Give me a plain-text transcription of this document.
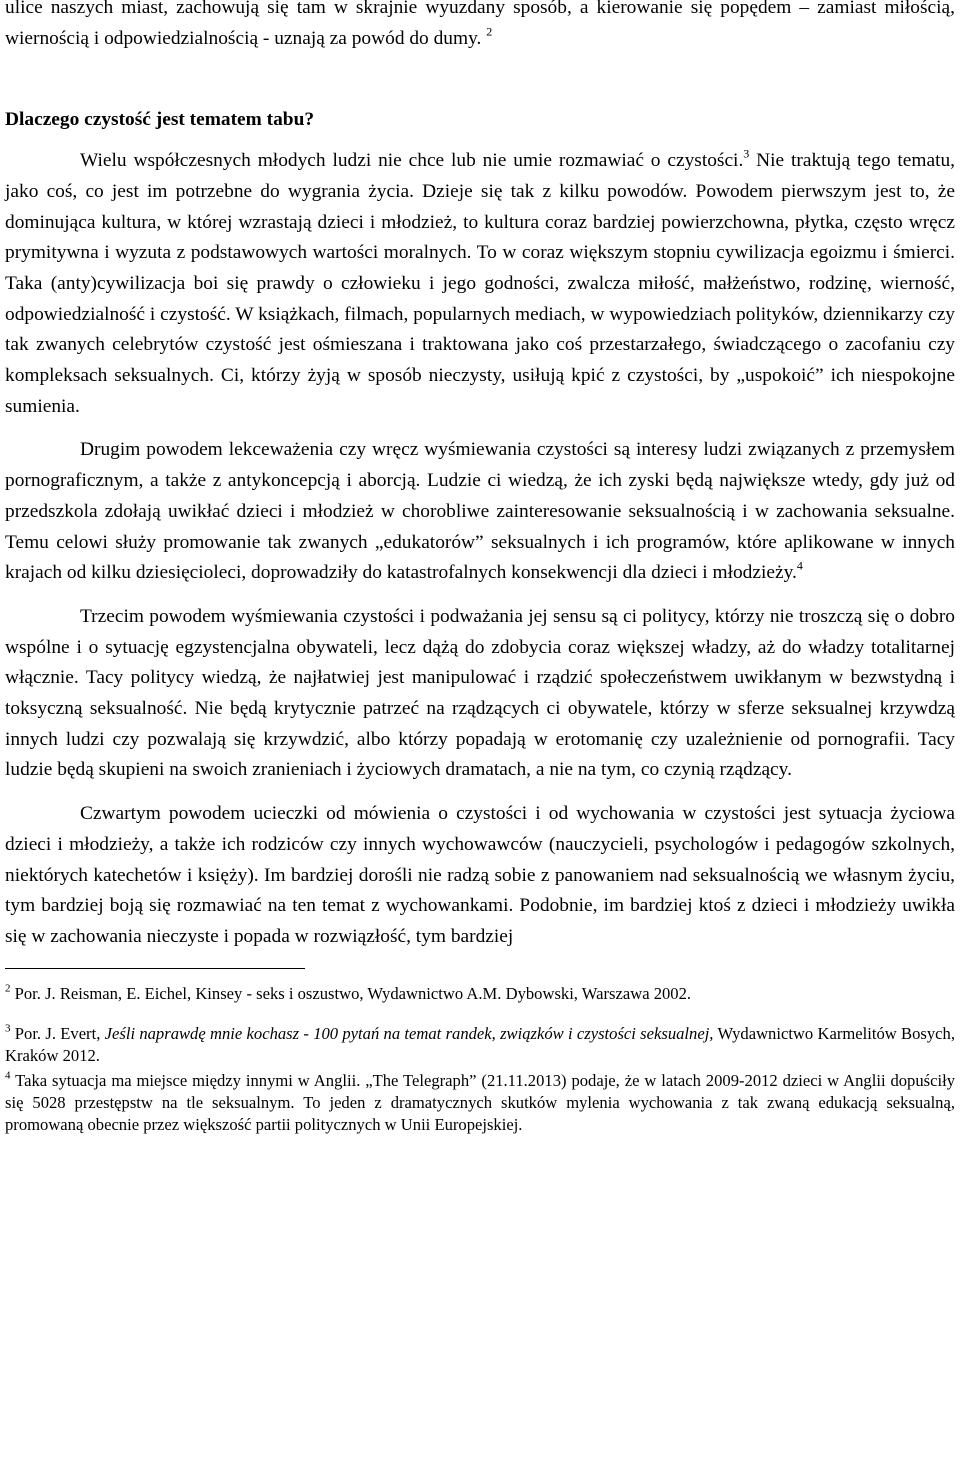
ulice naszych miast, zachowują się tam w skrajnie wyuzdany sposób, a kierowanie się popędem – zamiast miłością, wiernością i odpowiedzialnością - uznają za powód do dumy. $^2$

Dlaczego czystość jest tematem tabu?

Wielu współczesnych młodych ludzi nie chce lub nie umie rozmawiać o czystości.$^3$ Nie traktują tego tematu, jako coś, co jest im potrzebne do wygrania życia. Dzieje się tak z kilku powodów. Powodem pierwszym jest to, że dominująca kultura, w której wzrastają dzieci i młodzież, to kultura coraz bardziej powierzchowna, płytka, często wręcz prymitywna i wyzuta z podstawowych wartości moralnych. To w coraz większym stopniu cywilizacja egoizmu i śmierci. Taka (anty)cywilizacja boi się prawdy o człowieku i jego godności, zwalcza miłość, małżeństwo, rodzinę, wierność, odpowiedzialność i czystość. W książkach, filmach, popularnych mediach, w wypowiedziach polityków, dziennikarzy czy tak zwanych celebrytów czystość jest ośmieszana i traktowana jako coś przestarzałego, świadczącego o zacofaniu czy kompleksach seksualnych. Ci, którzy żyją w sposób nieczysty, usiłują kpić z czystości, by „uspokoić” ich niespokojne sumienia.

Drugim powodem lekceważenia czy wręcz wyśmiewania czystości są interesy ludzi związanych z przemysłem pornograficznym, a także z antykoncepcją i aborcją. Ludzie ci wiedzą, że ich zyski będą największe wtedy, gdy już od przedszkola zdołają uwikłać dzieci i młodzież w chorobliwe zainteresowanie seksualnością i w zachowania seksualne. Temu celowi służy promowanie tak zwanych „edukatorów” seksualnych i ich programów, które aplikowane w innych krajach od kilku dziesięcioleci, doprowadziły do katastrofalnych konsekwencji dla dzieci i młodzieży.$^4$

Trzecim powodem wyśmiewania czystości i podważania jej sensu są ci politycy, którzy nie troszczą się o dobro wspólne i o sytuację egzystencjalna obywateli, lecz dążą do zdobycia coraz większej władzy, aż do władzy totalitarnej włącznie. Tacy politycy wiedzą, że najłatwiej jest manipulować i rządzić społeczeństwem uwikłanym w bezwstydną i toksyczną seksualność. Nie będą krytycznie patrzeć na rządzących ci obywatele, którzy w sferze seksualnej krzywdzą innych ludzi czy pozwalają się krzywdzić, albo którzy popadają w erotomanię czy uzależnienie od pornografii. Tacy ludzie będą skupieni na swoich zranieniach i życiowych dramatach, a nie na tym, co czynią rządzący.

Czwartym powodem ucieczki od mówienia o czystości i od wychowania w czystości jest sytuacja życiowa dzieci i młodzieży, a także ich rodziców czy innych wychowawców (nauczycieli, psychologów i pedagogów szkolnych, niektórych katechetów i księży). Im bardziej dorośli nie radzą sobie z panowaniem nad seksualnością we własnym życiu, tym bardziej boją się rozmawiać na ten temat z wychowankami. Podobnie, im bardziej ktoś z dzieci i młodzieży uwikła się w zachowania nieczyste i popada w rozwiązłość, tym bardziej

$^2$ Por. J. Reisman, E. Eichel, Kinsey - seks i oszustwo, Wydawnictwo A.M. Dybowski, Warszawa 2002.

$^3$ Por. J. Evert, Jeśli naprawdę mnie kochasz - 100 pytań na temat randek, związków i czystości seksualnej, Wydawnictwo Karmelitów Bosych, Kraków 2012.

$^4$ Taka sytuacja ma miejsce między innymi w Anglii. „The Telegraph” (21.11.2013) podaje, że w latach 2009-2012 dzieci w Anglii dopuściły się 5028 przestępstw na tle seksualnym. To jeden z dramatycznych skutków mylenia wychowania z tak zwaną edukacją seksualną, promowaną obecnie przez większość partii politycznych w Unii Europejskiej.
